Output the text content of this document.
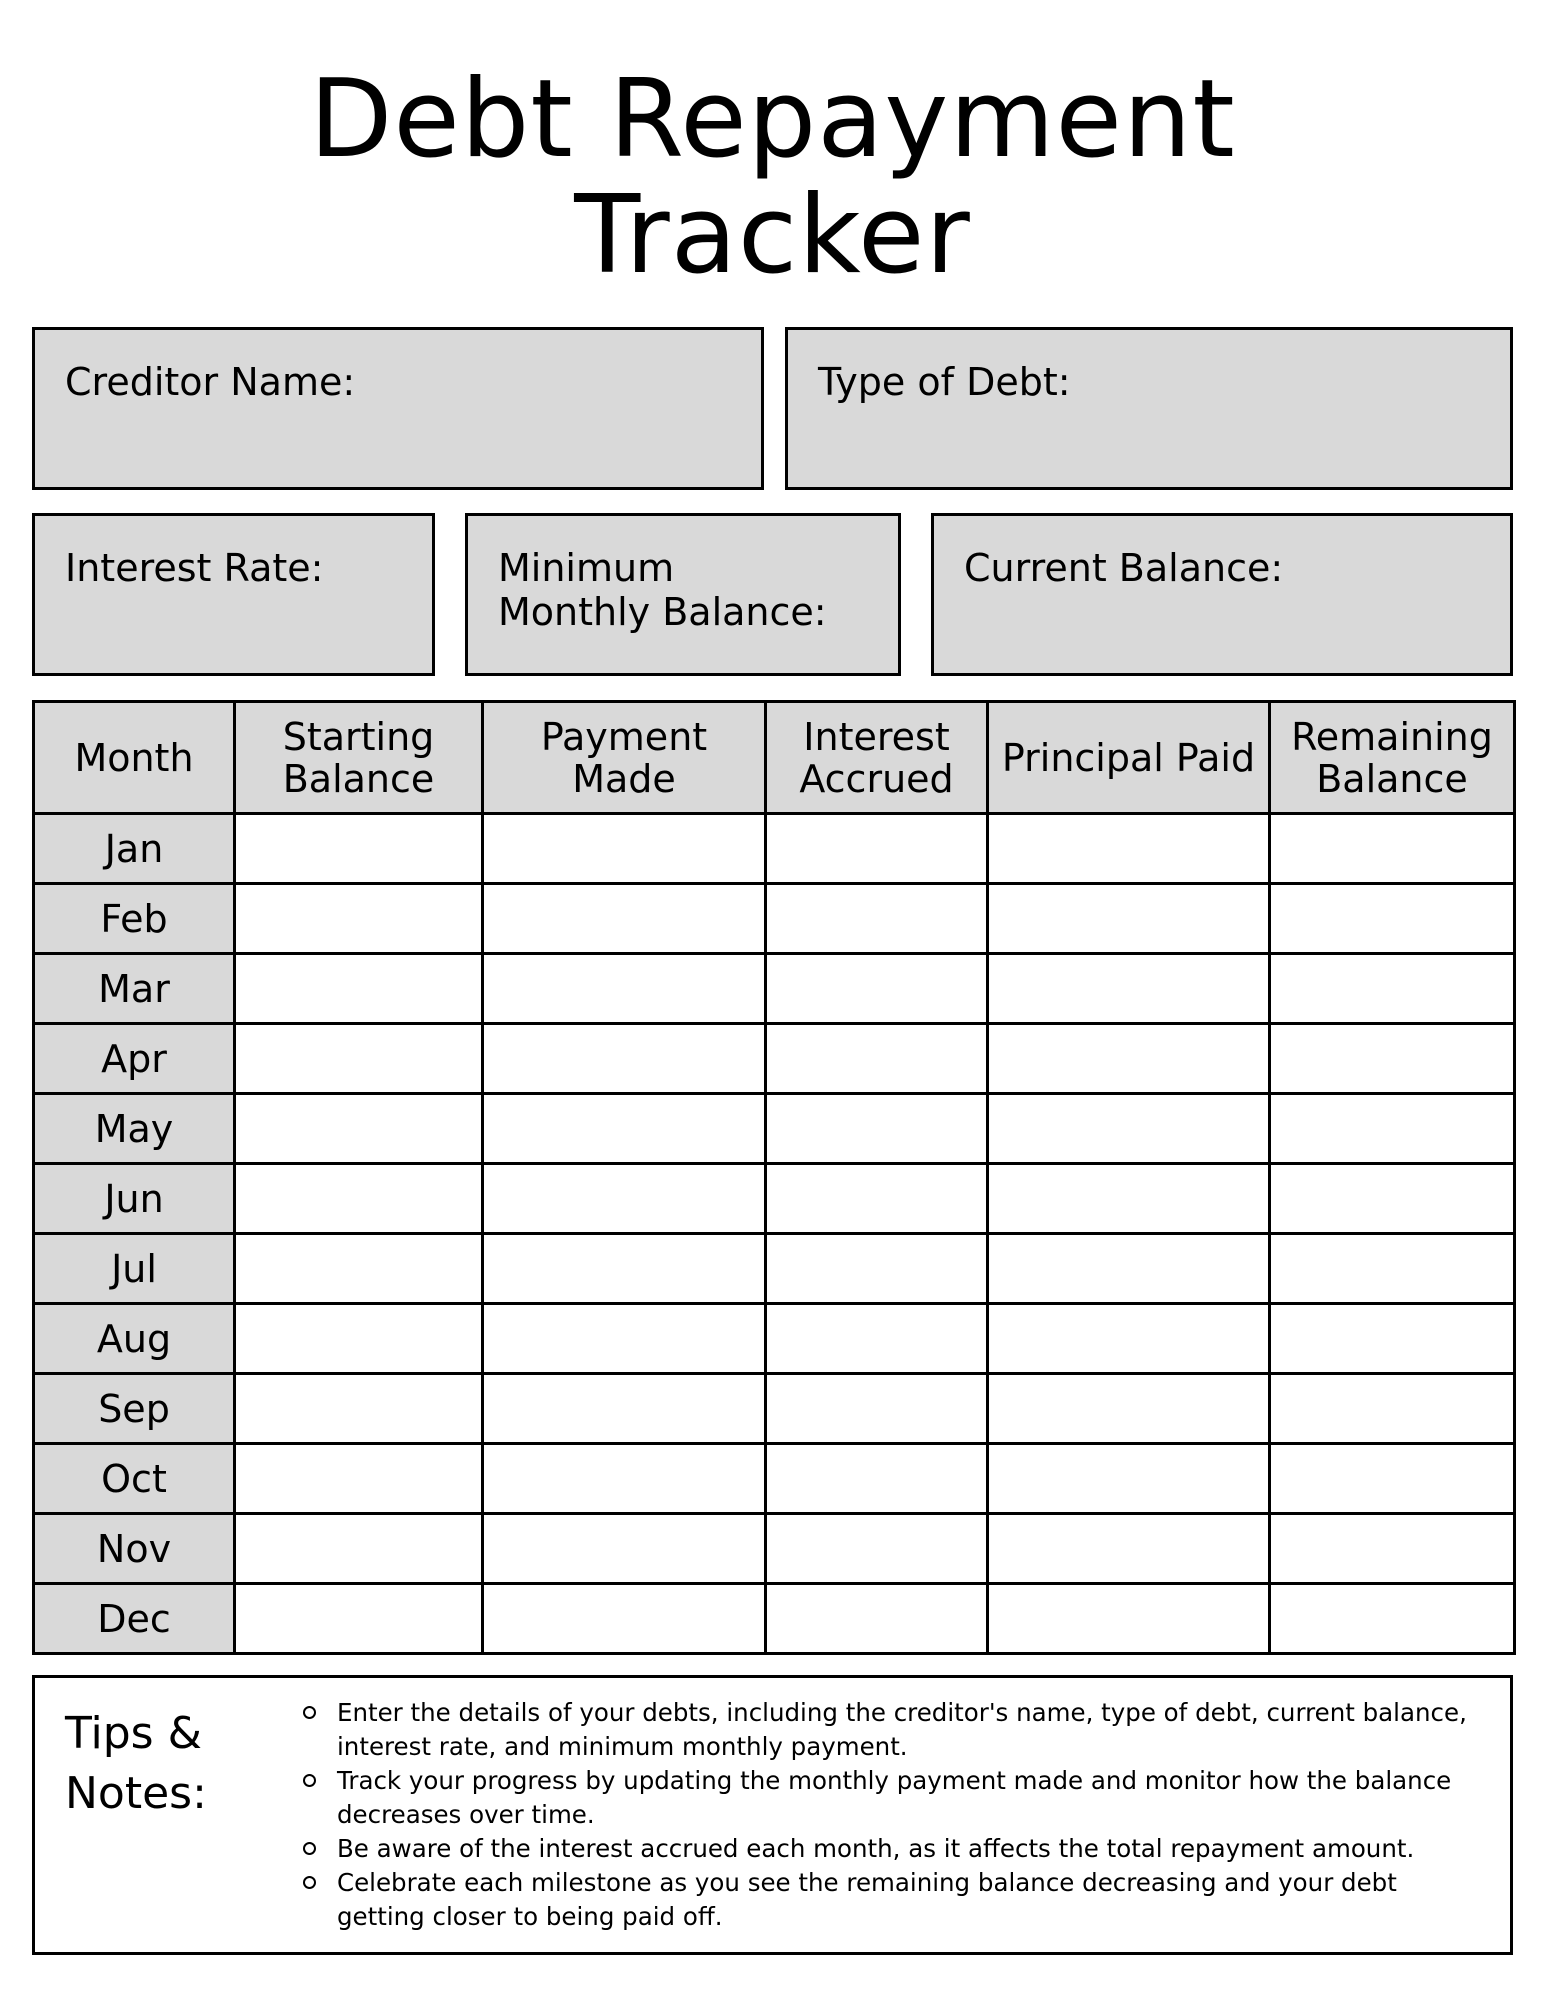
Debt Repayment
Tracker
Creditor Name:	Type of Debt:
Interest Rate:	Minimum Monthly Balance:
Current Balance:
Month	Starting Balance	Payment Made	Interest Accrued	Principal Paid	Remaining Balance
Jan					
Feb					
Mar					
Apr					
May					
Jun					
Jul					
Aug					
Sep					
Oct					
Nov					
Dec					
Tips & Notes:
Enter the details of your debts, including the creditor's name, type of debt, current balance, interest rate, and minimum monthly payment.
Track your progress by updating the monthly payment made and monitor how the balance decreases over time.
Be aware of the interest accrued each month, as it affects the total repayment amount.
Celebrate each milestone as you see the remaining balance decreasing and your debt getting closer to being paid off.
